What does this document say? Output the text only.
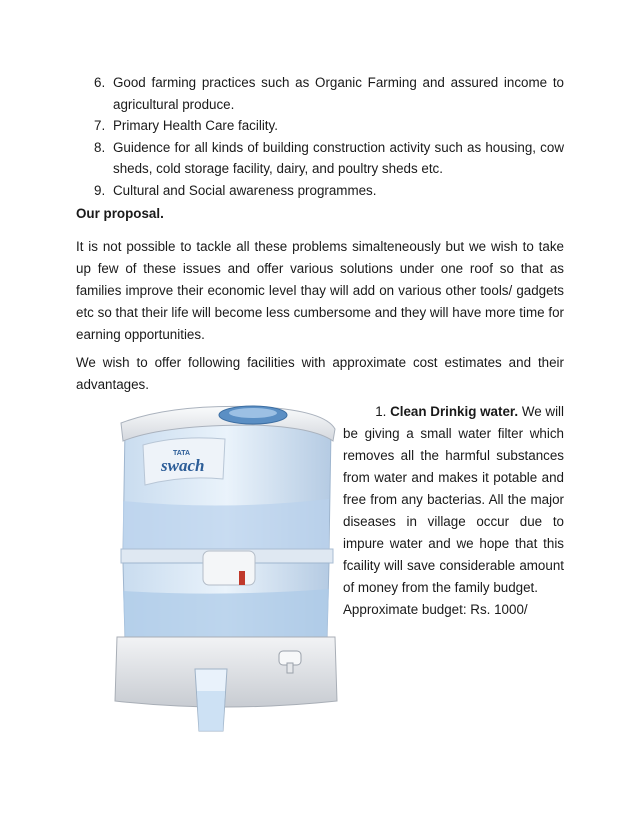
6. Good farming practices such as Organic Farming and assured income to agricultural produce.
7. Primary Health Care facility.
8. Guidence for all kinds of building construction activity such as housing, cow sheds, cold storage facility, dairy, and poultry sheds etc.
9. Cultural and Social awareness programmes.
Our proposal.

It is not possible to tackle all these problems simalteneously but we wish to take up few of these issues and offer various solutions under one roof so that as families improve their economic level thay will add on various other tools/ gadgets etc so that their life will become less cumbersome and they will have more time for earning opportunities.

We wish to offer following facilities with approximate cost estimates and their advantages.

TATA
swach
1. Clean Drinkig water. We will
be giving a small water filter which removes all the harmful substances from water and makes it potable and free from any bacterias. All the major diseases in village occur due to impure water and we hope that this fcaility will save considerable amount of money from the family budget.
Approximate budget: Rs. 1000/
